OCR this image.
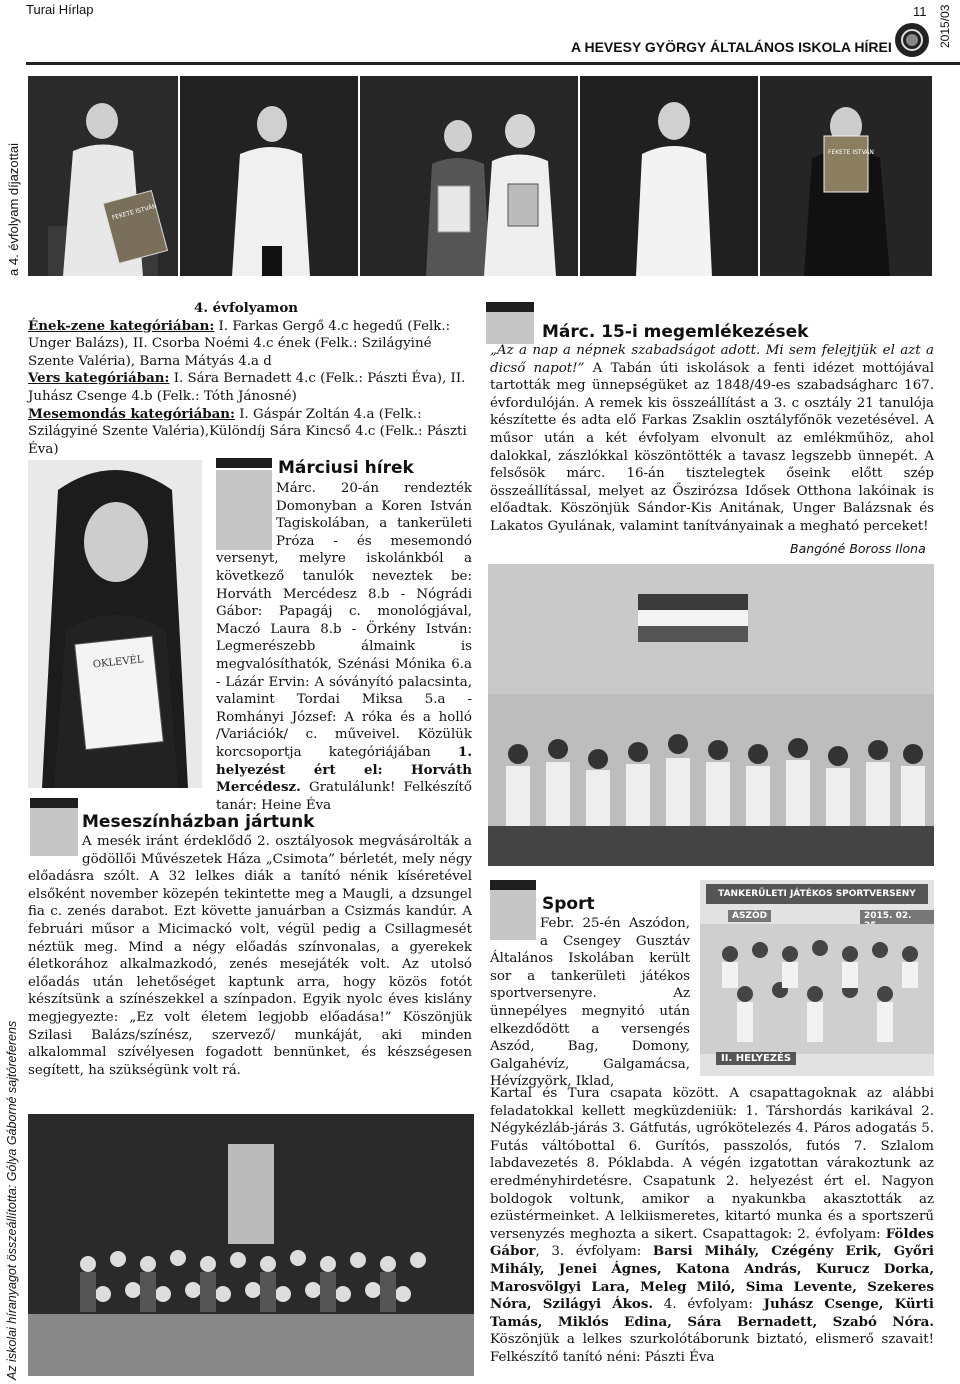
Turai Hírlap	11 2015/03
A HEVESY GYÖRGY ÁLTALÁNOS ISKOLA HÍREI
a 4. évfolyam díjazottai
Az iskolai híranyagot összeállította: Gólya Gáborné sajtóreferens
FEKETE ISTVÁN
FEKETE ISTVÁN
4. évfolyamon
Ének-zene kategóriában: I. Farkas Gergő 4.c hegedű (Felk.: Unger Balázs), II. Csorba Noémi 4.c ének (Felk.: Szilágyiné Szente Valéria), Barna Mátyás 4.a d
Vers kategóriában: I. Sára Bernadett 4.c (Felk.: Pászti Éva), II. Juhász Csenge 4.b (Felk.: Tóth Jánosné)
Mesemondás kategóriában: I. Gáspár Zoltán 4.a (Felk.: Szilágyiné Szente Valéria),Különdíj Sára Kincső 4.c (Felk.: Pászti Éva)
OKLEVÉL
Márciusi hírek
Márc. 20-án rendezték Domonyban a Koren István Tagiskolában, a tankerületi Próza - és mesemondó versenyt, melyre iskolánkból a következő tanulók neveztek be: Horváth Mercédesz 8.b - Nógrádi Gábor: Papagáj c. monológjával, Maczó Laura 8.b - Örkény István: Legmerészebb álmaink is megvalósíthatók, Szénási Mónika 6.a - Lázár Ervin: A sóványító palacsinta, valamint Tordai Miksa 5.a - Romhányi József: A róka és a holló /Variációk/ c. műveivel. Közülük korcsoportja kategóriájában 1. helyezést ért el: Horváth Mercédesz. Gratulálunk! Felkészítő tanár: Heine Éva
Márc. 15-i megemlékezések
„Az a nap a népnek szabadságot adott. Mi sem felejtjük el azt a dicső napot!” A Tabán úti iskolások a fenti idézet mottójával tartották meg ünnepségüket az 1848/49-es szabadságharc 167. évfordulóján. A remek kis összeállítást a 3. c osztály 21 tanulója készítette és adta elő Farkas Zsaklin osztályfőnök vezetésével. A műsor után a két évfolyam elvonult az emlékműhöz, ahol dalokkal, zászlókkal köszöntötték a tavasz legszebb ünnepét. A felsősök márc. 16-án tisztelegtek őseink előtt szép összeállítással, melyet az Őszirózsa Idősek Otthona lakóinak is előadtak. Köszönjük Sándor-Kis Anitának, Unger Balázsnak és Lakatos Gyulának, valamint tanítványainak a megható perceket!
Bangóné Boross Ilona
Meseszínházban jártunk
A mesék iránt érdeklődő 2. osztályosok megvásárolták a gödöllői Művészetek Háza „Csimota” bérletét, mely négy előadásra szólt. A 32 lelkes diák a tanító nénik kíséretével elsőként november közepén tekintette meg a Maugli, a dzsungel fia c. zenés darabot. Ezt követte januárban a Csizmás kandúr. A februári műsor a Micimackó volt, végül pedig a Csillagmesét néztük meg. Mind a négy előadás színvonalas, a gyerekek életkorához alkalmazkodó, zenés mesejáték volt. Az utolsó előadás után lehetőséget kaptunk arra, hogy közös fotót készítsünk a színészekkel a színpadon. Egyik nyolc éves kislány megjegyezte: „Ez volt életem legjobb előadása!” Köszönjük Szilasi Balázs/színész, szervező/ munkáját, aki minden alkalommal szívélyesen fogadott bennünket, és készségesen segített, ha szükségünk volt rá.
Sport
Febr. 25-én Aszódon, a Csengey Gusztáv Általános Iskolában került sor a tankerületi játékos sportversenyre. Az ünnepélyes megnyitó után elkezdődött a versengés Aszód, Bag, Domony, Galgahévíz, Galgamácsa, Hévízgyörk, Iklad,
TANKERÜLETI JÁTÉKOS SPORTVERSENY
ASZÓD	2015. 02.
II. HELYEZÉS
Kartal és Tura csapata között. A csapattagoknak az alábbi feladatokkal kellett megküzdeniük: 1. Társhordás karikával 2. Négykézláb-járás 3. Gátfutás, ugrókötelezés 4. Páros adogatás 5. Futás váltóbottal 6. Gurítós, passzolós, futós 7. Szlalom labdavezetés 8. Póklabda. A végén izgatottan várakoztunk az eredményhirdetésre. Csapatunk 2. helyezést ért el. Nagyon boldogok voltunk, amikor a nyakunkba akasztották az ezüstérmeinket. A lelkiismeretes, kitartó munka és a sportszerű versenyzés meghozta a sikert. Csapattagok: 2. évfolyam: Földes Gábor, 3. évfolyam: Barsi Mihály, Czégény Erik, Győri Mihály, Jenei Ágnes, Katona András, Kurucz Dorka, Marosvölgyi Lara, Meleg Miló, Sima Levente, Szekeres Nóra, Szilágyi Ákos. 4. évfolyam: Juhász Csenge, Kürti Tamás, Miklós Edina, Sára Bernadett, Szabó Nóra. Köszönjük a lelkes szurkolótáborunk biztató, elismerő szavait! Felkészítő tanító néni: Pászti Éva
